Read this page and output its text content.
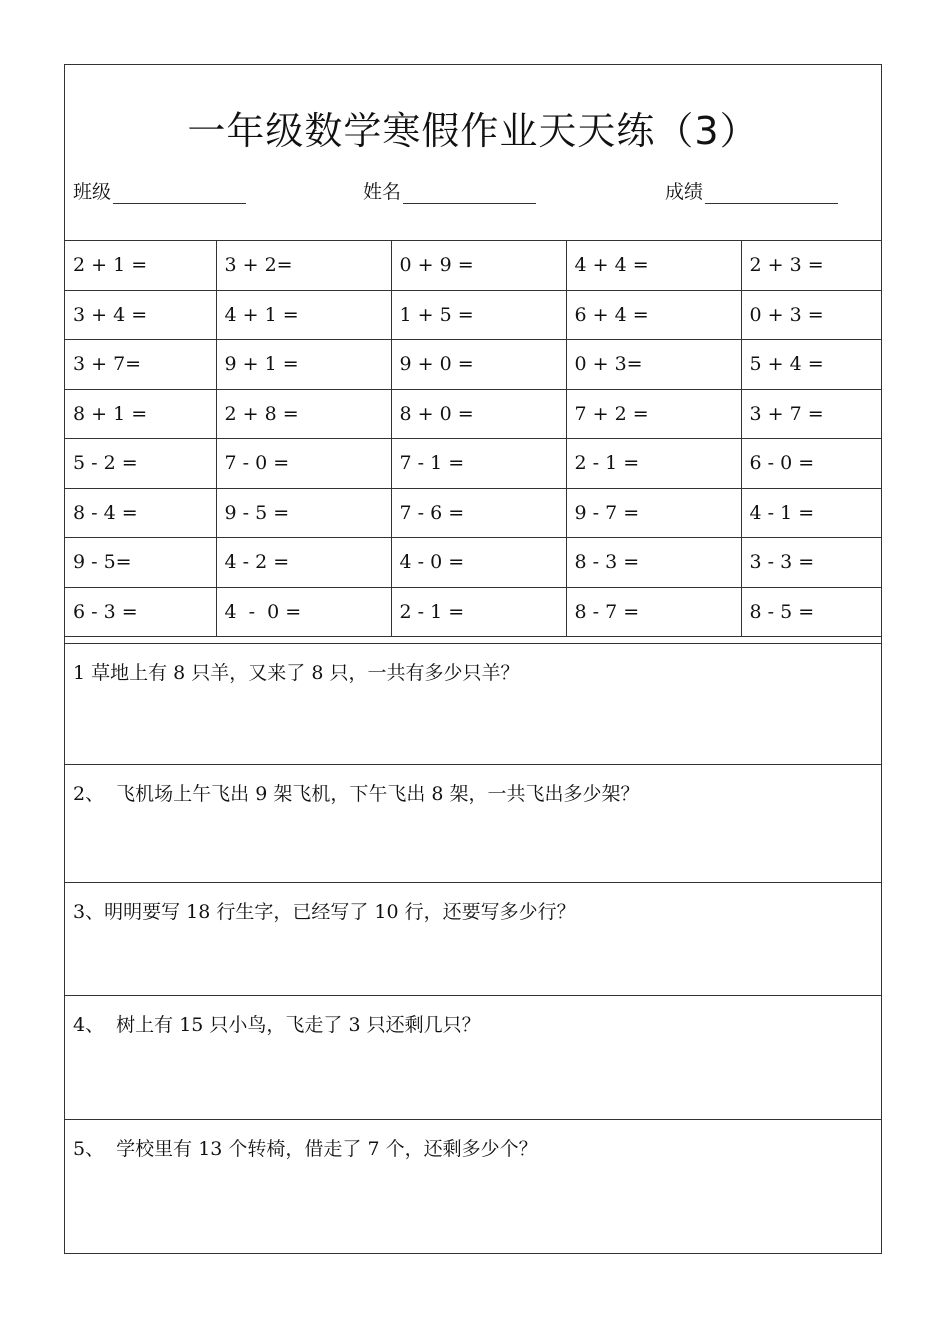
一年级数学寒假作业天天练（3）
班级	姓名	成绩
2 + 1 =	3 + 2=	0 + 9 =	4 + 4 =	2 + 3 =
3 + 4 =	4 + 1 =	1 + 5 =	6 + 4 =	0 + 3 =
3 + 7=	9 + 1 =	9 + 0 =	0 + 3=	5 + 4 =
8 + 1 =	2 + 8 =	8 + 0 =	7 + 2 =	3 + 7 =
5 - 2 =	7 - 0 =	7 - 1 =	2 - 1 =	6 - 0 =
8 - 4 =	9 - 5 =	7 - 6 =	9 - 7 =	4 - 1 =
9 - 5=	4 - 2 =	4 - 0 =	8 - 3 =	3 - 3 =
6 - 3 =	4  -  0 =	2 - 1 =	8 - 7 =	8 - 5 =
1 草地上有 8 只羊，又来了 8 只，一共有多少只羊？
2、  飞机场上午飞出 9 架飞机，下午飞出 8 架，一共飞出多少架？
3、明明要写 18 行生字，已经写了 10 行，还要写多少行？
4、  树上有 15 只小鸟，飞走了 3 只还剩几只？
5、  学校里有 13 个转椅，借走了 7 个，还剩多少个？
